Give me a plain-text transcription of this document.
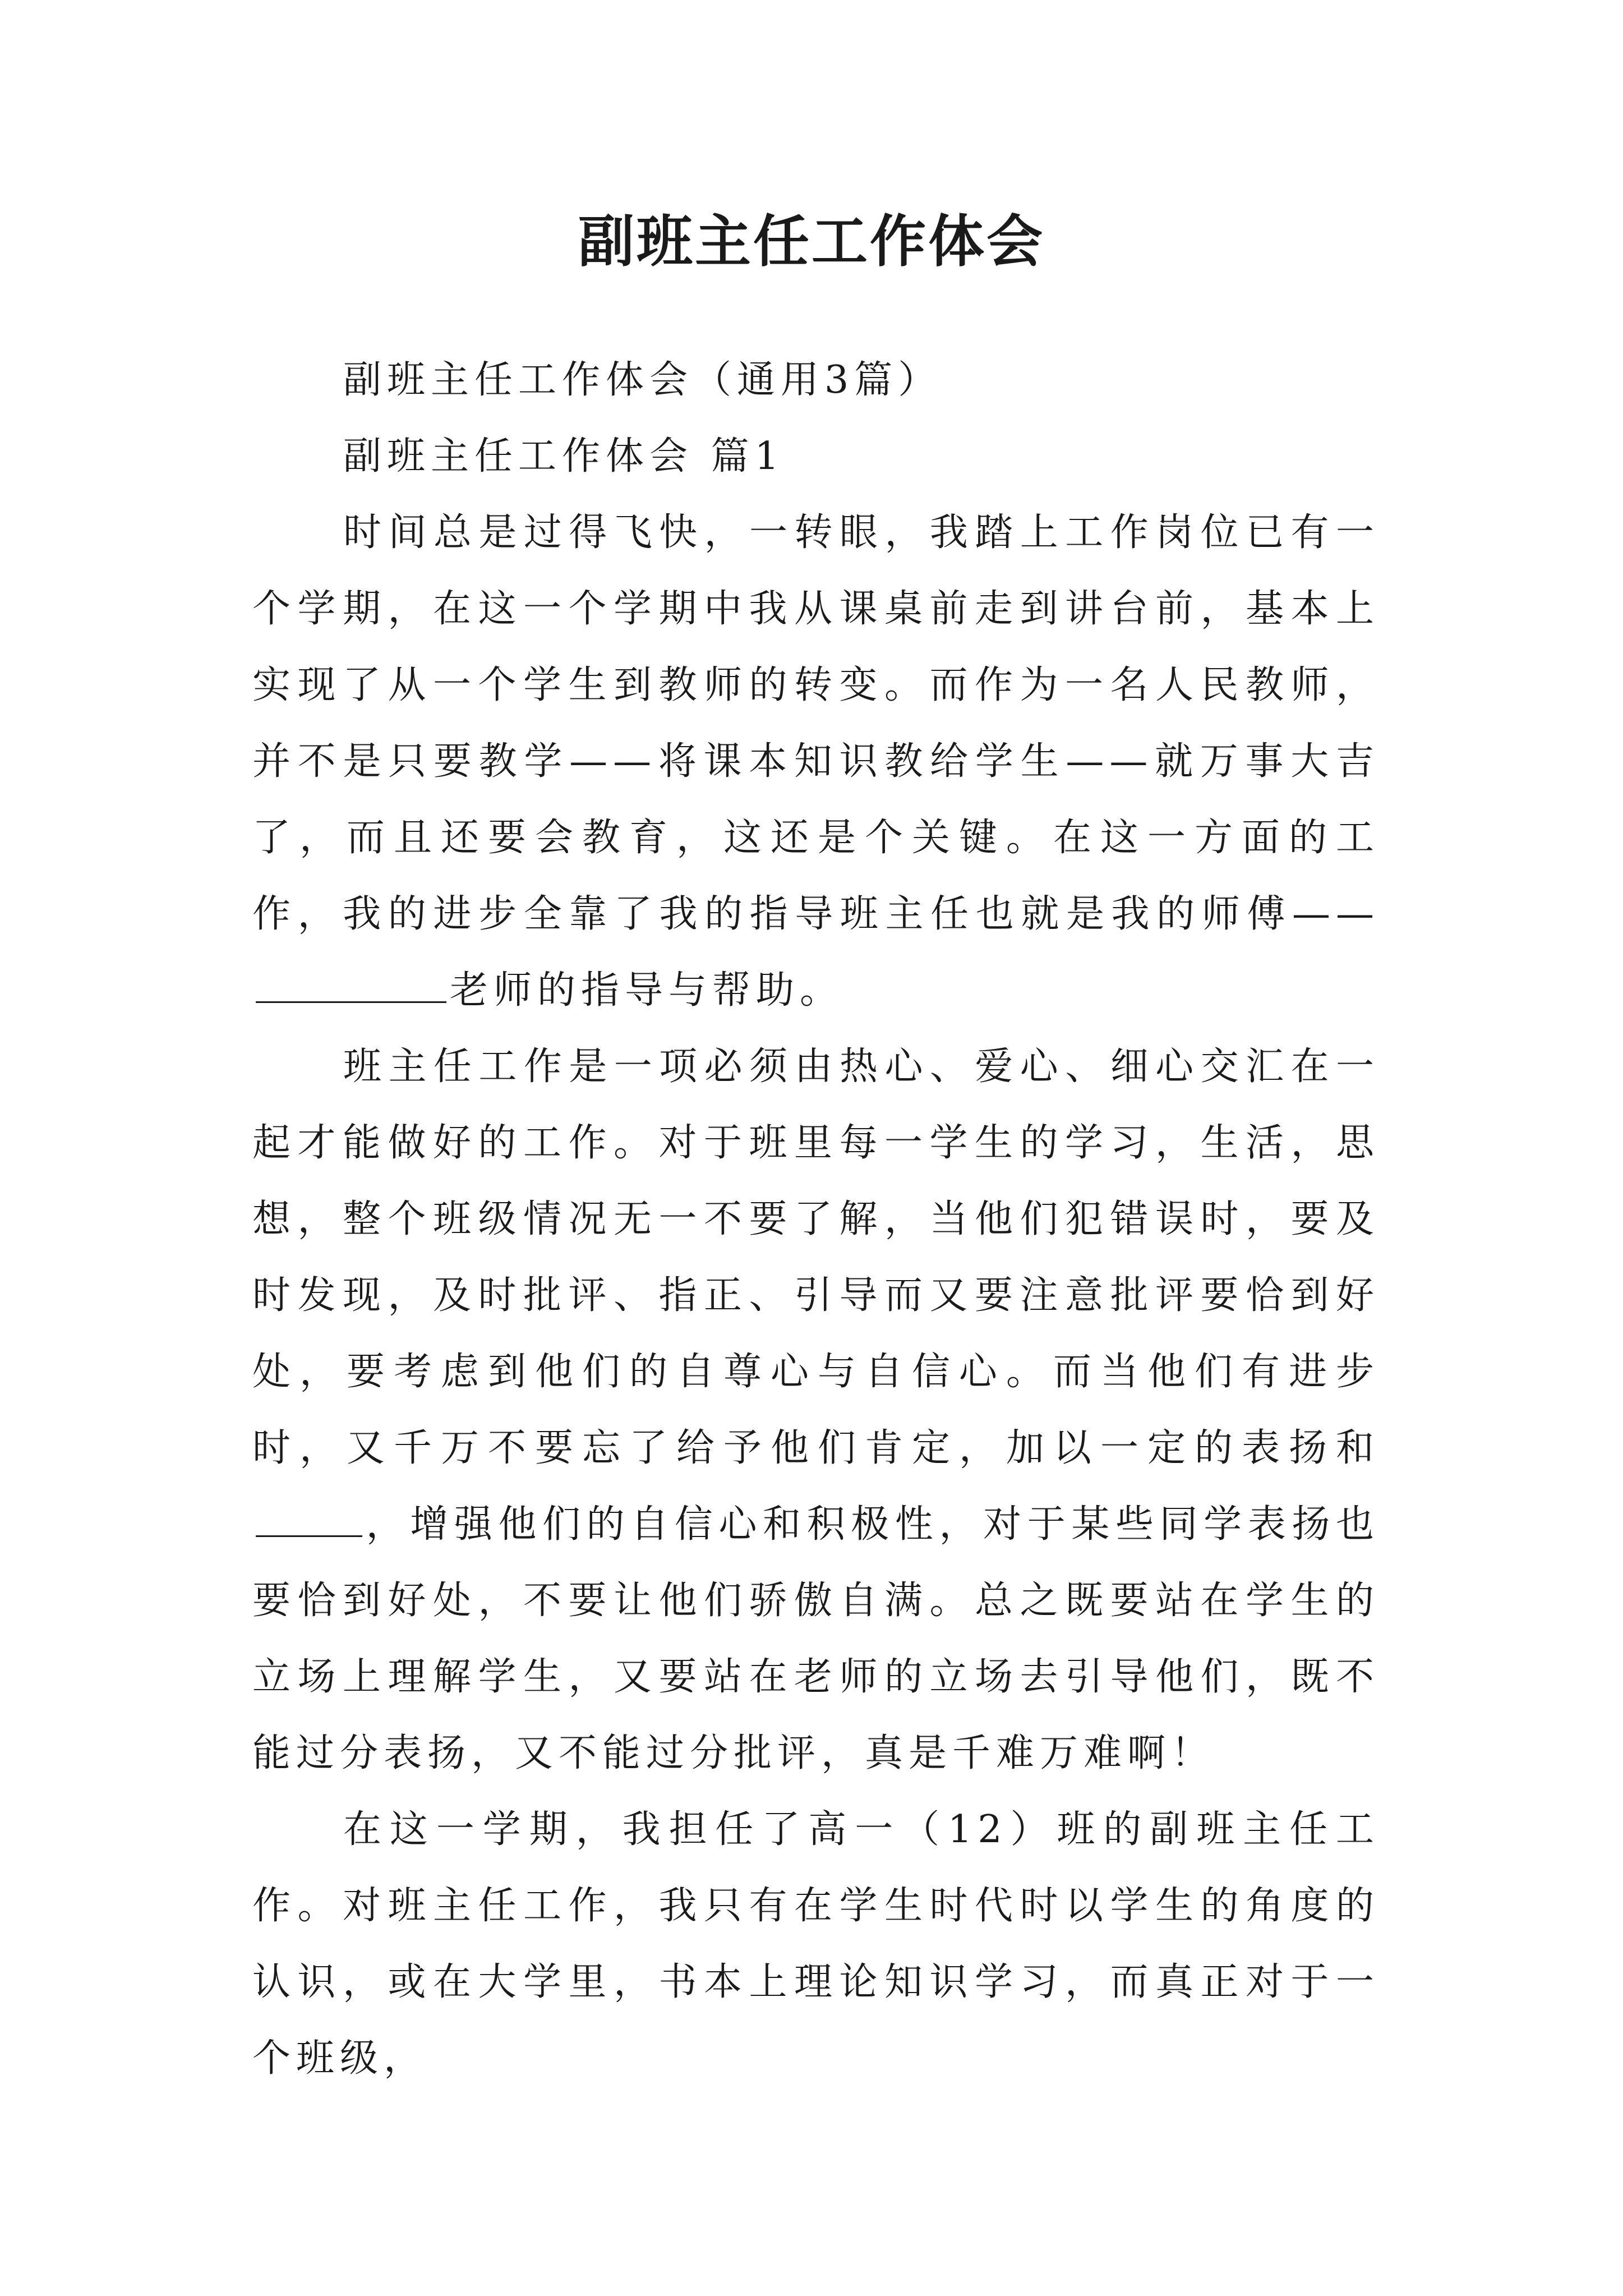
副班主任工作体会

副班主任工作体会（通用3篇）

副班主任工作体会 篇1

时间总是过得飞快，一转眼，我踏上工作岗位已有一个学期，在这一个学期中我从课桌前走到讲台前，基本上实现了从一个学生到教师的转变。而作为一名人民教师，并不是只要教学——将课本知识教给学生——就万事大吉了，而且还要会教育，这还是个关键。在这一方面的工作，我的进步全靠了我的指导班主任也就是我的师傅——老师的指导与帮助。

班主任工作是一项必须由热心、爱心、细心交汇在一起才能做好的工作。对于班里每一学生的学习，生活，思想，整个班级情况无一不要了解，当他们犯错误时，要及时发现，及时批评、指正、引导而又要注意批评要恰到好处，要考虑到他们的自尊心与自信心。而当他们有进步时，又千万不要忘了给予他们肯定，加以一定的表扬和，增强他们的自信心和积极性，对于某些同学表扬也要恰到好处，不要让他们骄傲自满。总之既要站在学生的立场上理解学生，又要站在老师的立场去引导他们，既不能过分表扬，又不能过分批评，真是千难万难啊！

在这一学期，我担任了高一（12）班的副班主任工作。对班主任工作，我只有在学生时代时以学生的角度的认识，或在大学里，书本上理论知识学习，而真正对于一个班级，
